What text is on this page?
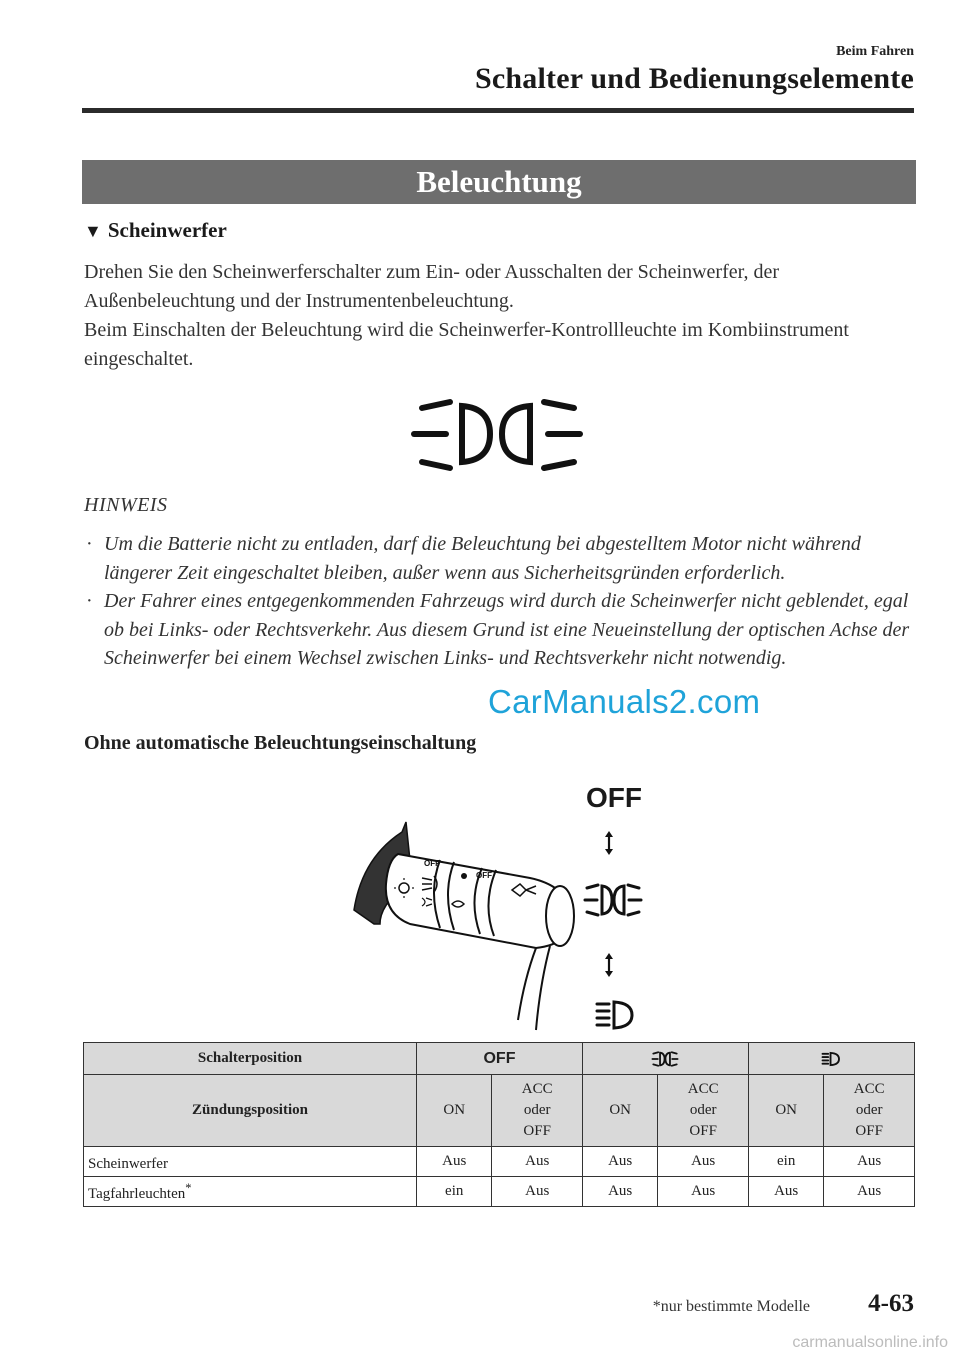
Beim Fahren
Schalter und Bedienungselemente
Beleuchtung
▼ Scheinwerfer

Drehen Sie den Scheinwerferschalter zum Ein- oder Ausschalten der Scheinwerfer, der Außenbeleuchtung und der Instrumentenbeleuchtung.

Beim Einschalten der Beleuchtung wird die Scheinwerfer-Kontrollleuchte im Kombiinstrument eingeschaltet.

HINWEIS
· Um die Batterie nicht zu entladen, darf die Beleuchtung bei abgestelltem Motor nicht während längerer Zeit eingeschaltet bleiben, außer wenn aus Sicherheitsgründen erforderlich.
· Der Fahrer eines entgegenkommenden Fahrzeugs wird durch die Scheinwerfer nicht geblendet, egal ob bei Links- oder Rechtsverkehr. Aus diesem Grund ist eine Neueinstellung der optischen Achse der Scheinwerfer bei einem Wechsel zwischen Links- und Rechtsverkehr nicht notwendig.
CarManuals2.com
Ohne automatische Beleuchtungseinschaltung
OFF
OFF
OFF
Schalterposition	OFF		
Zündungsposition	ON	ACC
oder
OFF	ON	ACC
oder
OFF	ON	ACC
oder
OFF
Scheinwerfer	Aus	Aus	Aus	Aus	ein	Aus
Tagfahrleuchten*	ein	Aus	Aus	Aus	Aus	Aus
*nur bestimmte Modelle 4-63
carmanualsonline.info
